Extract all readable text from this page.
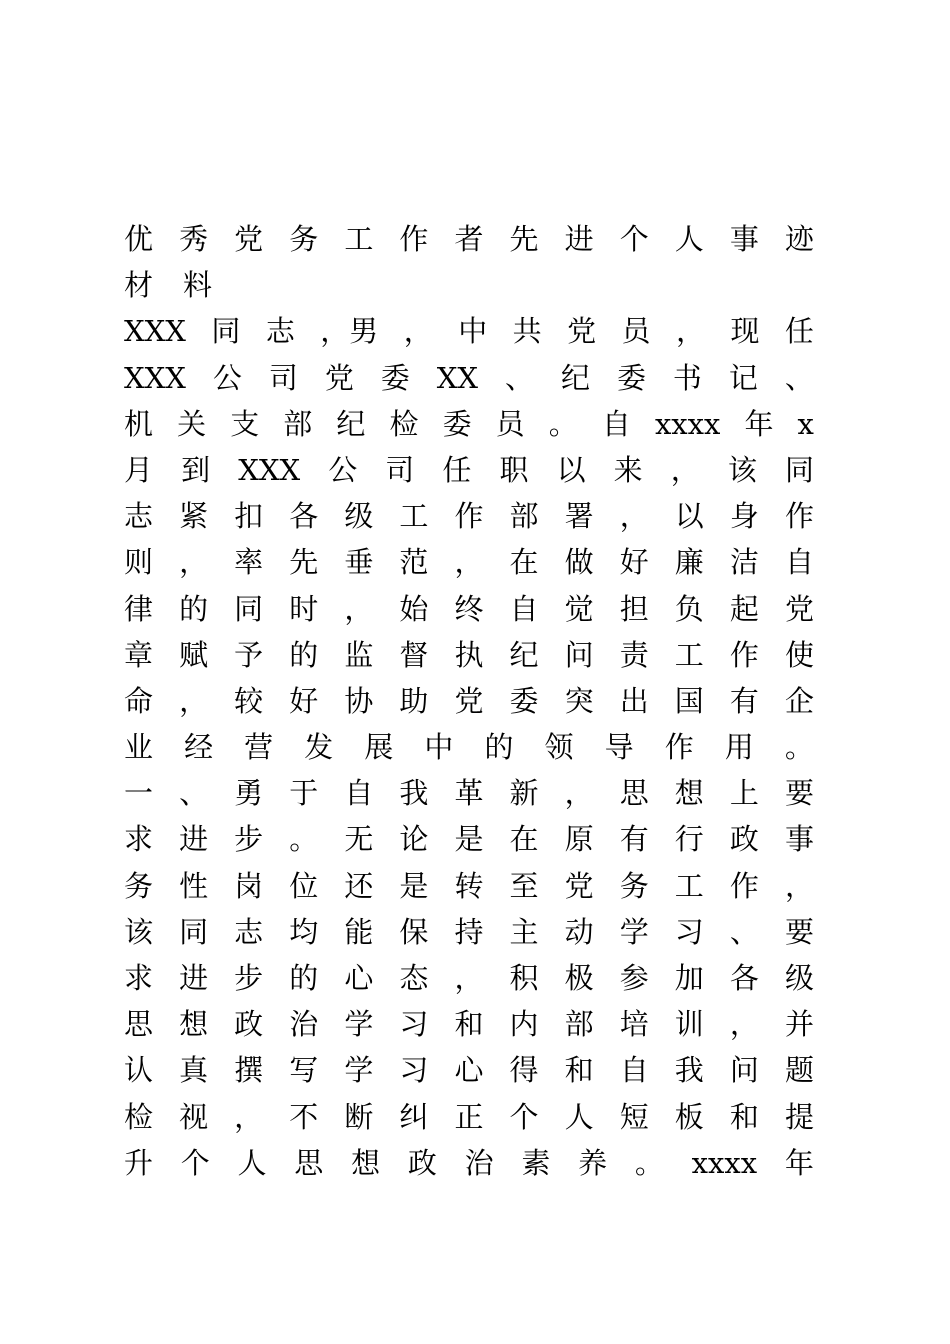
优 秀 党 务 工 作 者 先 进 个 人 事 迹
材 料
XXX 同 志 ，男 ， 中 共 党 员 ， 现 任
XXX 公 司 党 委 XX 、 纪 委 书 记 、
机 关 支 部 纪 检 委 员 。 自 xxxx 年 x
月 到 XXX 公 司 任 职 以 来 ， 该 同
志 紧 扣 各 级 工 作 部 署 ， 以 身 作
则 ， 率 先 垂 范 ， 在 做 好 廉 洁 自
律 的 同 时 ， 始 终 自 觉 担 负 起 党
章 赋 予 的 监 督 执 纪 问 责 工 作 使
命 ， 较 好 协 助 党 委 突 出 国 有 企
业 经 营 发 展 中 的 领 导 作 用 。
一 、 勇 于 自 我 革 新 ， 思 想 上 要
求 进 步 。 无 论 是 在 原 有 行 政 事
务 性 岗 位 还 是 转 至 党 务 工 作 ，
该 同 志 均 能 保 持 主 动 学 习 、 要
求 进 步 的 心 态 ， 积 极 参 加 各 级
思 想 政 治 学 习 和 内 部 培 训 ， 并
认 真 撰 写 学 习 心 得 和 自 我 问 题
检 视 ， 不 断 纠 正 个 人 短 板 和 提
升 个 人 思 想 政 治 素 养 。 xxxx 年
